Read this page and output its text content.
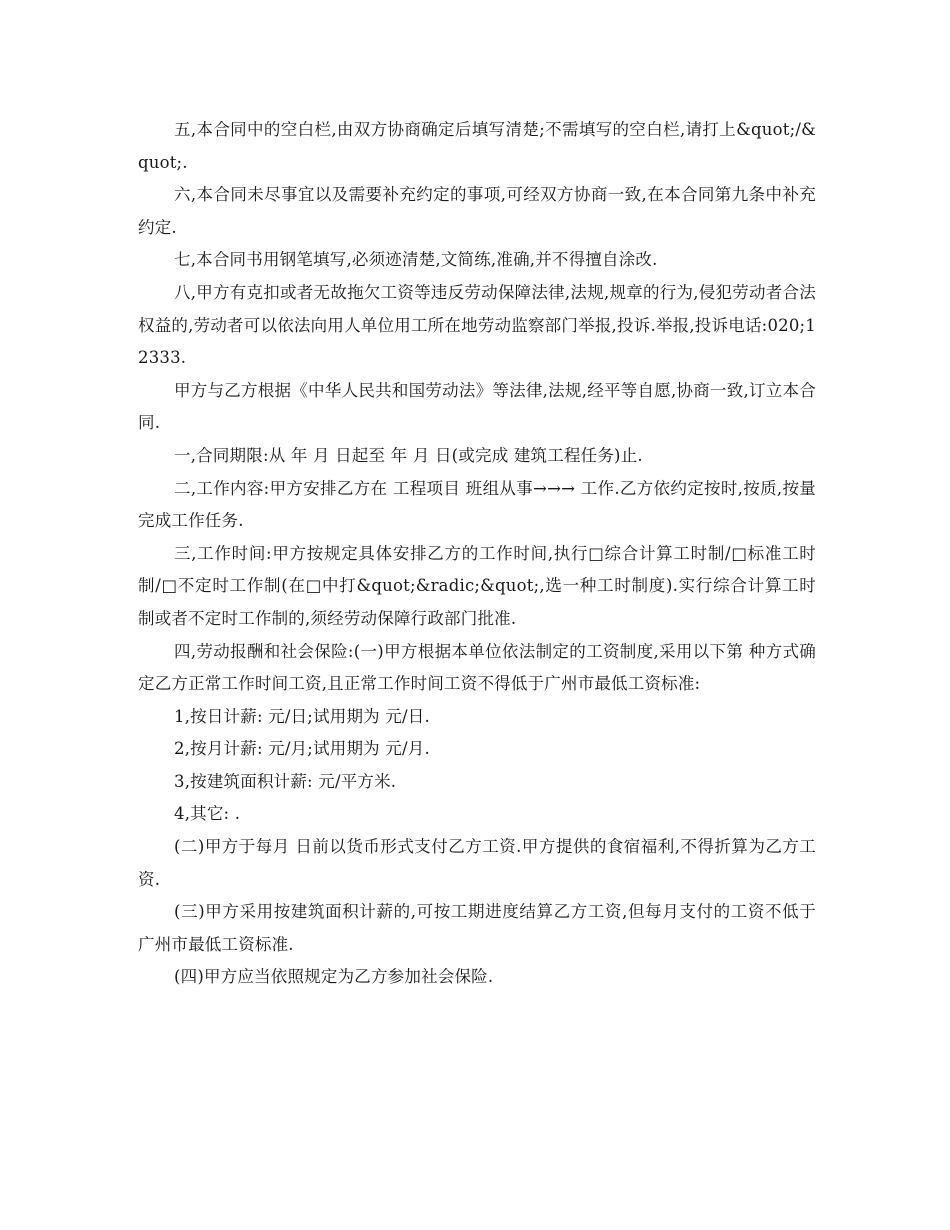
五,本合同中的空白栏,由双方协商确定后填写清楚;不需填写的空白栏,请打上&quot;/&quot;.

六,本合同未尽事宜以及需要补充约定的事项,可经双方协商一致,在本合同第九条中补充约定.

七,本合同书用钢笔填写,必须迹清楚,文简练,准确,并不得擅自涂改.

八,甲方有克扣或者无故拖欠工资等违反劳动保障法律,法规,规章的行为,侵犯劳动者合法权益的,劳动者可以依法向用人单位用工所在地劳动监察部门举报,投诉.举报,投诉电话:020;12333.

甲方与乙方根据《中华人民共和国劳动法》等法律,法规,经平等自愿,协商一致,订立本合同.

一,合同期限:从 年 月 日起至 年 月 日(或完成 建筑工程任务)止.

二,工作内容:甲方安排乙方在 工程项目 班组从事→→→ 工作.乙方依约定按时,按质,按量完成工作任务.

三,工作时间:甲方按规定具体安排乙方的工作时间,执行□综合计算工时制/□标准工时制/□不定时工作制(在□中打&quot;&radic;&quot;,选一种工时制度).实行综合计算工时制或者不定时工作制的,须经劳动保障行政部门批准.

四,劳动报酬和社会保险:(一)甲方根据本单位依法制定的工资制度,采用以下第 种方式确定乙方正常工作时间工资,且正常工作时间工资不得低于广州市最低工资标准:

1,按日计薪: 元/日;试用期为 元/日.

2,按月计薪: 元/月;试用期为 元/月.

3,按建筑面积计薪: 元/平方米.

4,其它: .

(二)甲方于每月 日前以货币形式支付乙方工资.甲方提供的食宿福利,不得折算为乙方工资.

(三)甲方采用按建筑面积计薪的,可按工期进度结算乙方工资,但每月支付的工资不低于广州市最低工资标准.

(四)甲方应当依照规定为乙方参加社会保险.
